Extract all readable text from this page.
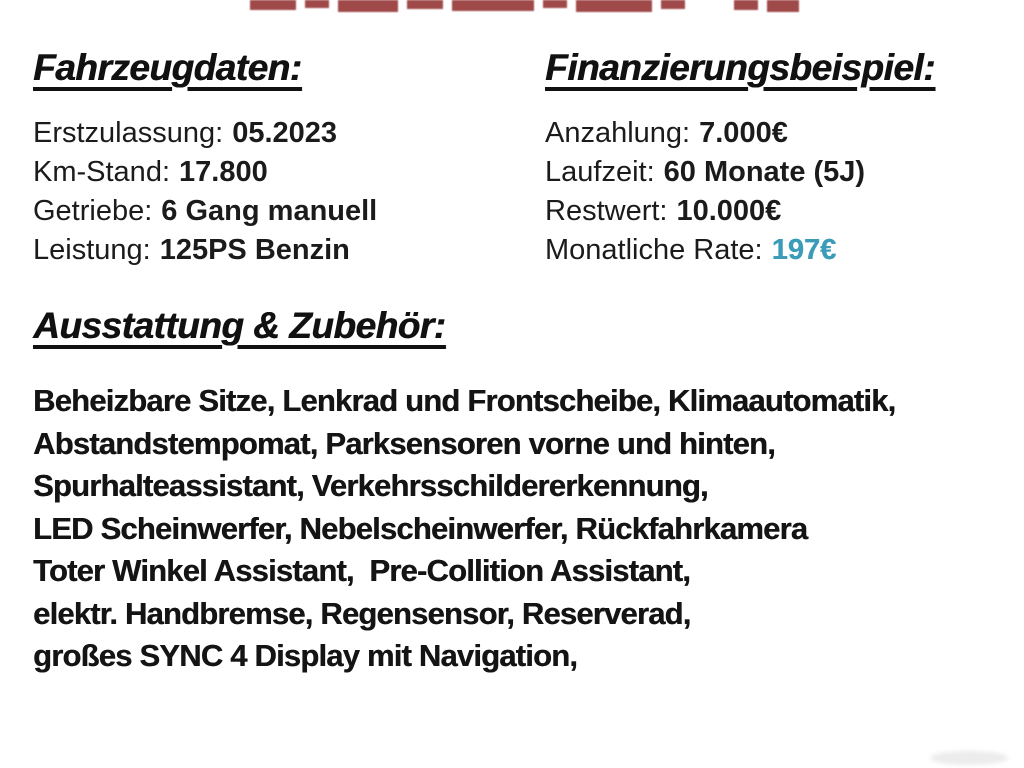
Fahrzeugdaten:

Erstzulassung: 05.2023

Km-Stand: 17.800

Getriebe: 6 Gang manuell

Leistung: 125PS Benzin

Finanzierungsbeispiel:

Anzahlung: 7.000€

Laufzeit: 60 Monate (5J)

Restwert: 10.000€

Monatliche Rate: 197€

Ausstattung & Zubehör:

Beheizbare Sitze, Lenkrad und Frontscheibe, Klimaautomatik,

Abstandstempomat, Parksensoren vorne und hinten,

Spurhalteassistant, Verkehrsschildererkennung,

LED Scheinwerfer, Nebelscheinwerfer, Rückfahrkamera

Toter Winkel Assistant,  Pre-Collition Assistant,

elektr. Handbremse, Regensensor, Reserverad,

großes SYNC 4 Display mit Navigation,
